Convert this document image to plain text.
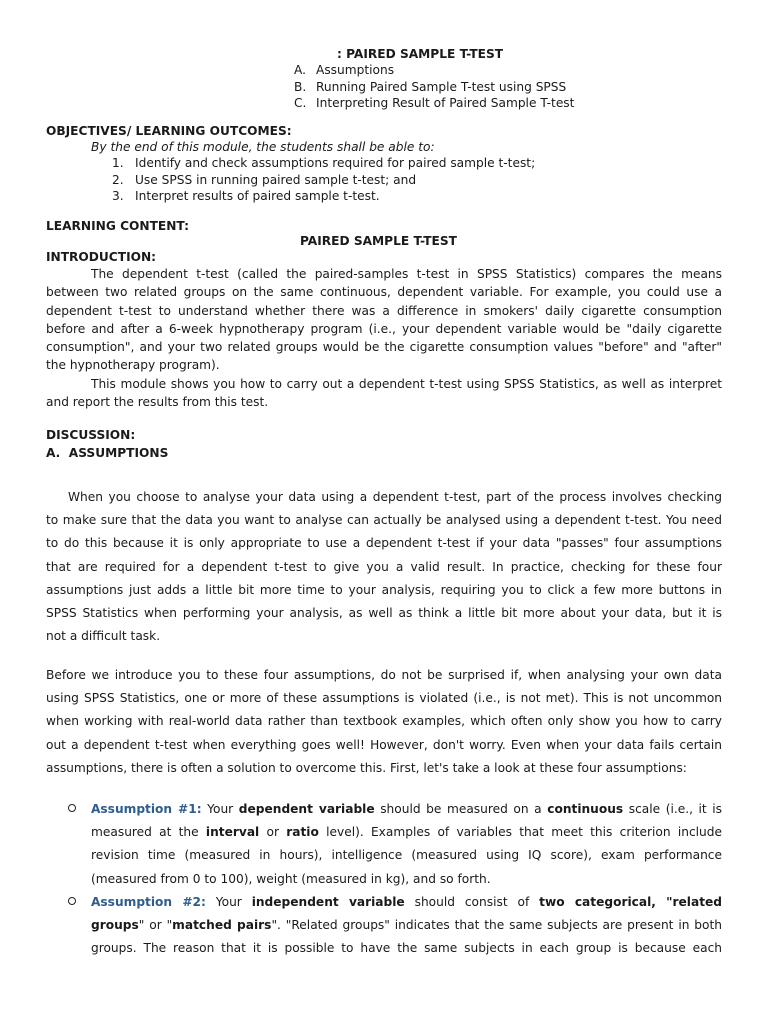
: PAIRED SAMPLE T-TEST
A. Assumptions
B. Running Paired Sample T-test using SPSS
C. Interpreting Result of Paired Sample T-test
OBJECTIVES/ LEARNING OUTCOMES:
By the end of this module, the students shall be able to:
1. Identify and check assumptions required for paired sample t-test;
2. Use SPSS in running paired sample t-test; and
3. Interpret results of paired sample t-test.
LEARNING CONTENT:
PAIRED SAMPLE T-TEST
INTRODUCTION:
The dependent t-test (called the paired-samples t-test in SPSS Statistics) compares the means
between two related groups on the same continuous, dependent variable. For example, you could use a
dependent t-test to understand whether there was a difference in smokers' daily cigarette consumption
before and after a 6-week hypnotherapy program (i.e., your dependent variable would be "daily cigarette
consumption", and your two related groups would be the cigarette consumption values "before" and "after"
the hypnotherapy program).
This module shows you how to carry out a dependent t-test using SPSS Statistics, as well as interpret
and report the results from this test.
DISCUSSION:
A.  ASSUMPTIONS
When you choose to analyse your data using a dependent t-test, part of the process involves checking
to make sure that the data you want to analyse can actually be analysed using a dependent t-test. You need
to do this because it is only appropriate to use a dependent t-test if your data "passes" four assumptions
that are required for a dependent t-test to give you a valid result. In practice, checking for these four
assumptions just adds a little bit more time to your analysis, requiring you to click a few more buttons in
SPSS Statistics when performing your analysis, as well as think a little bit more about your data, but it is
not a difficult task.
Before we introduce you to these four assumptions, do not be surprised if, when analysing your own data
using SPSS Statistics, one or more of these assumptions is violated (i.e., is not met). This is not uncommon
when working with real-world data rather than textbook examples, which often only show you how to carry
out a dependent t-test when everything goes well! However, don't worry. Even when your data fails certain
assumptions, there is often a solution to overcome this. First, let's take a look at these four assumptions:
Assumption #1: Your dependent variable should be measured on a continuous scale (i.e., it is
measured at the interval or ratio level). Examples of variables that meet this criterion include
revision time (measured in hours), intelligence (measured using IQ score), exam performance
(measured from 0 to 100), weight (measured in kg), and so forth.
Assumption #2: Your independent variable should consist of two categorical, "related
groups" or "matched pairs". "Related groups" indicates that the same subjects are present in both
groups. The reason that it is possible to have the same subjects in each group is because each
